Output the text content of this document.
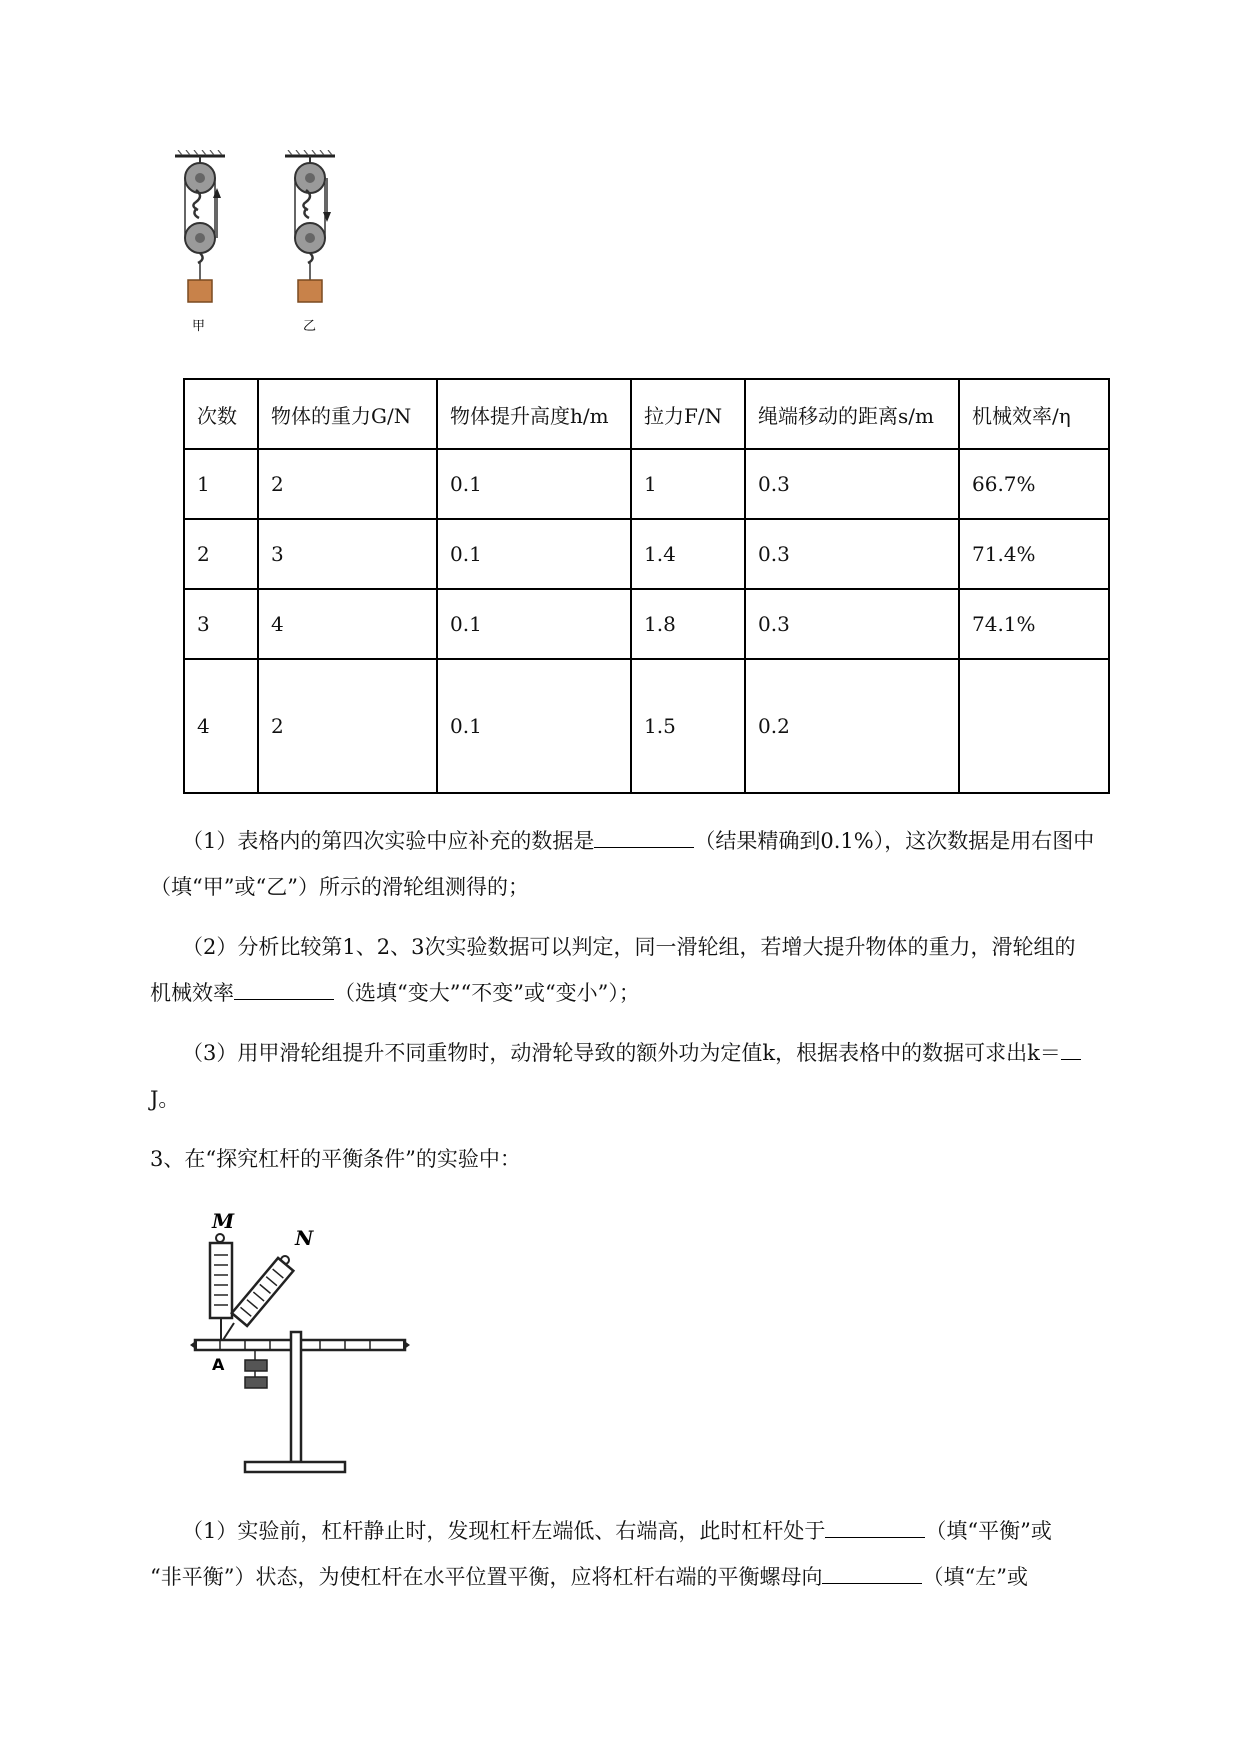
甲	乙
次数	物体的重力G/N	物体提升高度h/m	拉力F/N	绳端移动的距离s/m	机械效率/η
1	2	0.1	1	0.3	66.7%
2	3	0.1	1.4	0.3	71.4%
3	4	0.1	1.8	0.3	74.1%
4	2	0.1	1.5	0.2	

（1）表格内的第四次实验中应补充的数据是	（结果精确到0.1%），这次数据是用右图中
（填“甲”或“乙”）所示的滑轮组测得的；

（2）分析比较第1、2、3次实验数据可以判定，同一滑轮组，若增大提升物体的重力，滑轮组的
机械效率	（选填“变大”“不变”或“变小”）；

（3）用甲滑轮组提升不同重物时，动滑轮导致的额外功为定值k，根据表格中的数据可求出k＝
J。

3、在“探究杠杆的平衡条件”的实验中：

M
N
A

（1）实验前，杠杆静止时，发现杠杆左端低、右端高，此时杠杆处于	（填“平衡”或
“非平衡”）状态，为使杠杆在水平位置平衡，应将杠杆右端的平衡螺母向	（填“左”或
